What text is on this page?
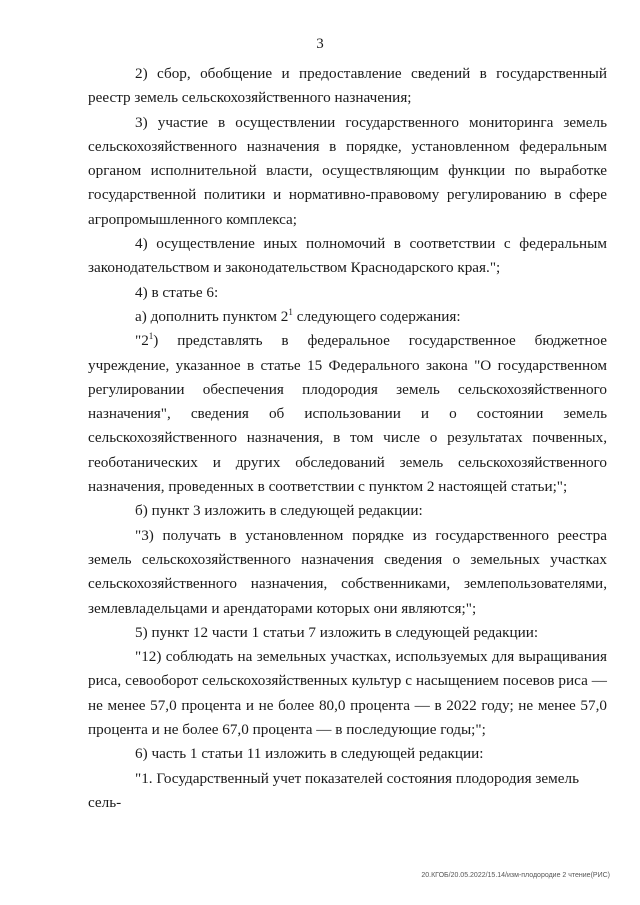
3

2) сбор, обобщение и предоставление сведений в государственный реестр земель сельскохозяйственного назначения;

3) участие в осуществлении государственного мониторинга земель сельскохозяйственного назначения в порядке, установленном федеральным органом исполнительной власти, осуществляющим функции по выработке государственной политики и нормативно-правовому регулированию в сфере агропромышленного комплекса;

4) осуществление иных полномочий в соответствии с федеральным законодательством и законодательством Краснодарского края.";

4) в статье 6:

а) дополнить пунктом $2^1$ следующего содержания:

"$2^1$) представлять в федеральное государственное бюджетное учреждение, указанное в статье 15 Федерального закона "О государственном регулировании обеспечения плодородия земель сельскохозяйственного назначения", сведения об использовании и о состоянии земель сельскохозяйственного назначения, в том числе о результатах почвенных, геоботанических и других обследований земель сельскохозяйственного назначения, проведенных в соответствии с пунктом 2 настоящей статьи;";

б) пункт 3 изложить в следующей редакции:

"3) получать в установленном порядке из государственного реестра земель сельскохозяйственного назначения сведения о земельных участках сельскохозяйственного назначения, собственниками, землепользователями, землевладельцами и арендаторами которых они являются;";

5) пункт 12 части 1 статьи 7 изложить в следующей редакции:

"12) соблюдать на земельных участках, используемых для выращивания риса, севооборот сельскохозяйственных культур с насыщением посевов риса — не менее 57,0 процента и не более 80,0 процента — в 2022 году; не менее 57,0 процента и не более 67,0 процента — в последующие годы;";

6) часть 1 статьи 11 изложить в следующей редакции:

"1. Государственный учет показателей состояния плодородия земель сель-

20.КГОБ/20.05.2022/15.14/изм-плодородие 2 чтение(РИС)
